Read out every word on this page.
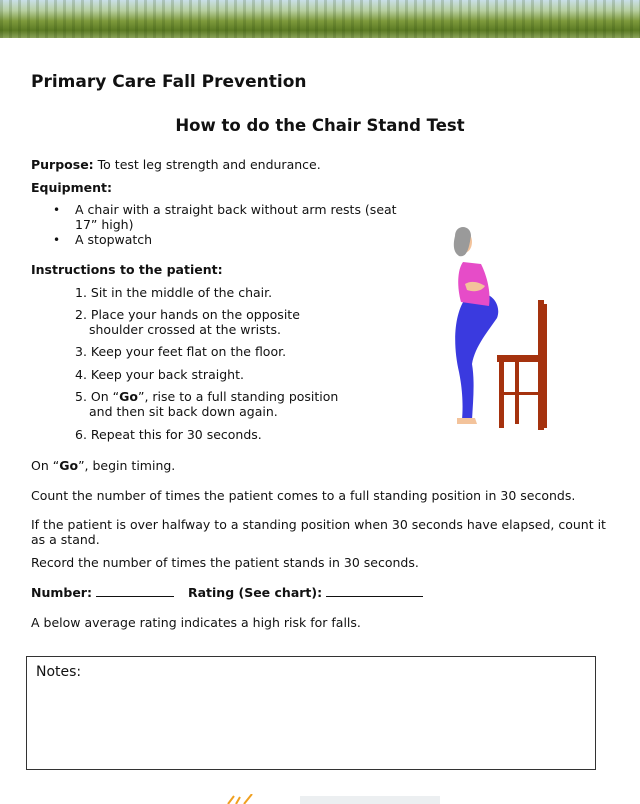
Primary Care Fall Prevention
How to do the Chair Stand Test

Purpose: To test leg strength and endurance.

Equipment:

• A chair with a straight back without arm rests (seat
17” high)
• A stopwatch

Instructions to the patient:

1. Sit in the middle of the chair.
2. Place your hands on the opposite
shoulder crossed at the wrists.
3. Keep your feet flat on the floor.
4. Keep your back straight.
5. On “Go”, rise to a full standing position
and then sit back down again.
6. Repeat this for 30 seconds.

On “Go”, begin timing.

Count the number of times the patient comes to a full standing position in 30 seconds.

If the patient is over halfway to a standing position when 30 seconds have elapsed, count it
as a stand.

Record the number of times the patient stands in 30 seconds.

Number:	Rating (See chart):

A below average rating indicates a high risk for falls.

Notes:
